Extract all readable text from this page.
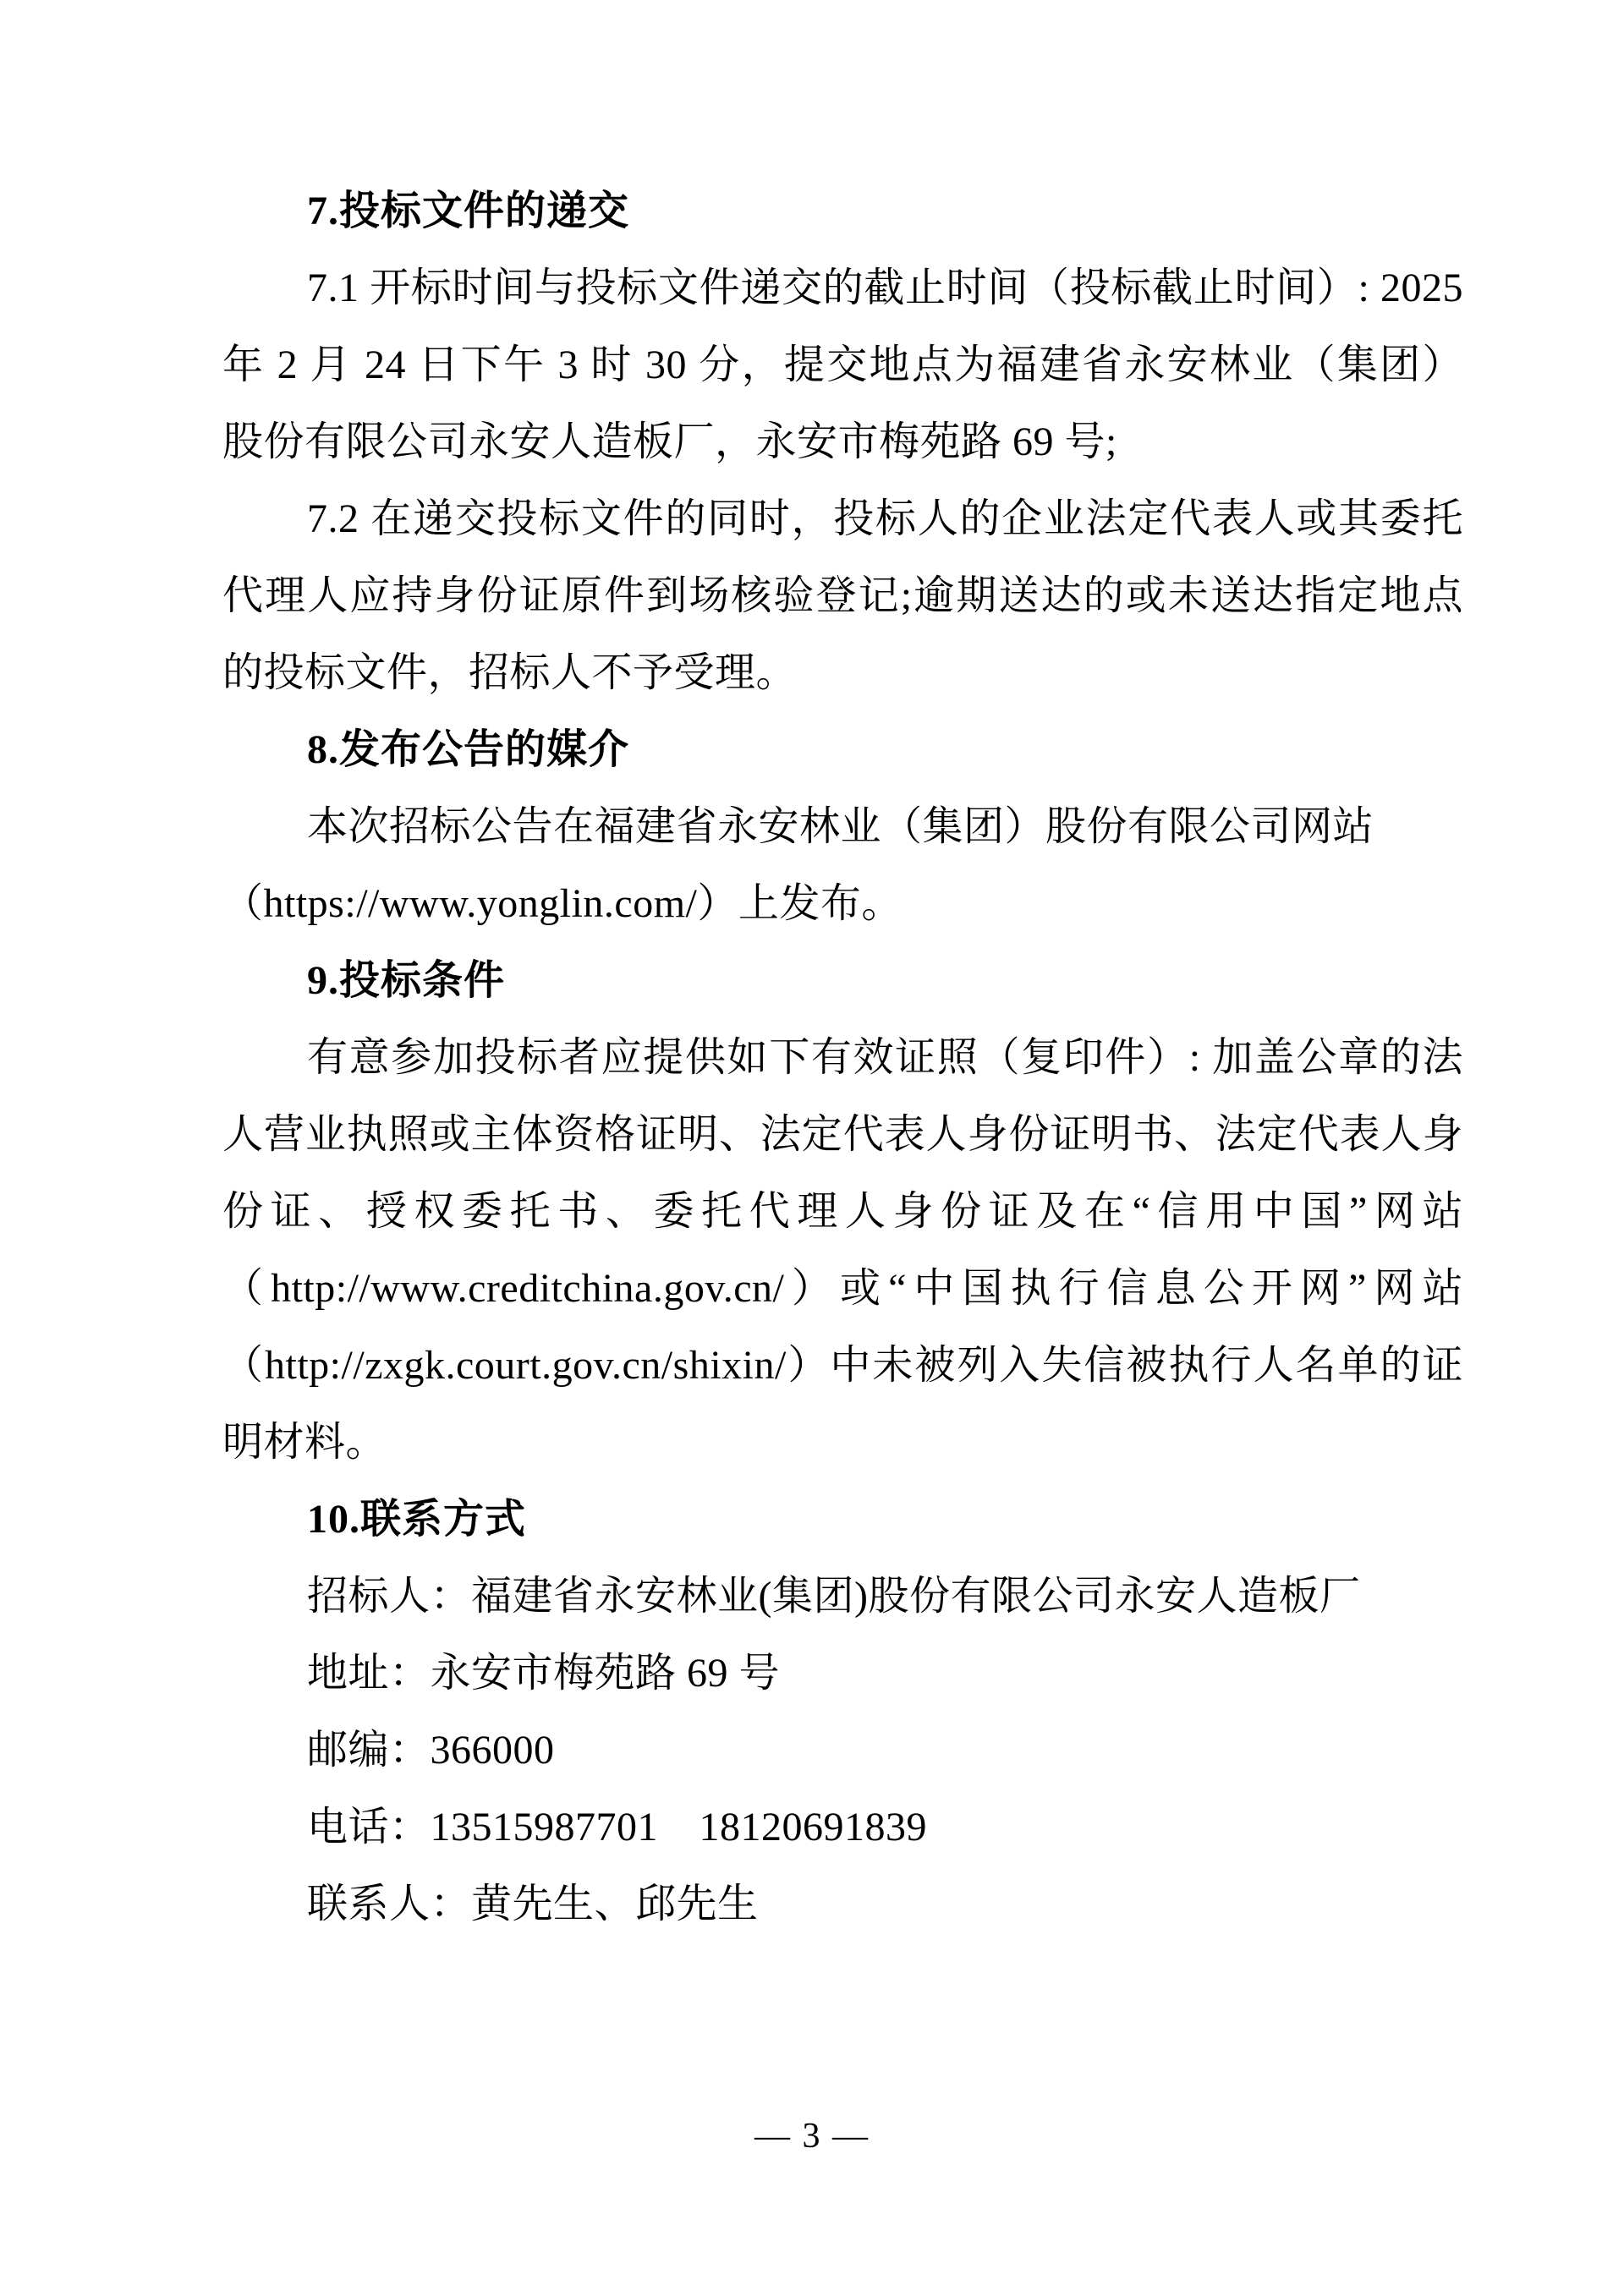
7.投标文件的递交
7.1 开标时间与投标文件递交的截止时间（投标截止时间）: 2025
年 2 月 24 日下午 3 时 30 分，提交地点为福建省永安林业（集团）
股份有限公司永安人造板厂，永安市梅苑路 69 号;
7.2 在递交投标文件的同时，投标人的企业法定代表人或其委托
代理人应持身份证原件到场核验登记;逾期送达的或未送达指定地点
的投标文件，招标人不予受理。
8.发布公告的媒介
本次招标公告在福建省永安林业（集团）股份有限公司网站
（https://www.yonglin.com/）上发布。
9.投标条件
有意参加投标者应提供如下有效证照（复印件）: 加盖公章的法
人营业执照或主体资格证明、法定代表人身份证明书、法定代表人身
份证、授权委托书、委托代理人身份证及在“信用中国”网站
（http://www.creditchina.gov.cn/）或“中国执行信息公开网”网站
（http://zxgk.court.gov.cn/shixin/）中未被列入失信被执行人名单的证
明材料。
10.联系方式
招标人：福建省永安林业(集团)股份有限公司永安人造板厂
地址：永安市梅苑路 69 号
邮编：366000
电话：13515987701　18120691839
联系人：黄先生、邱先生
— 3 —
